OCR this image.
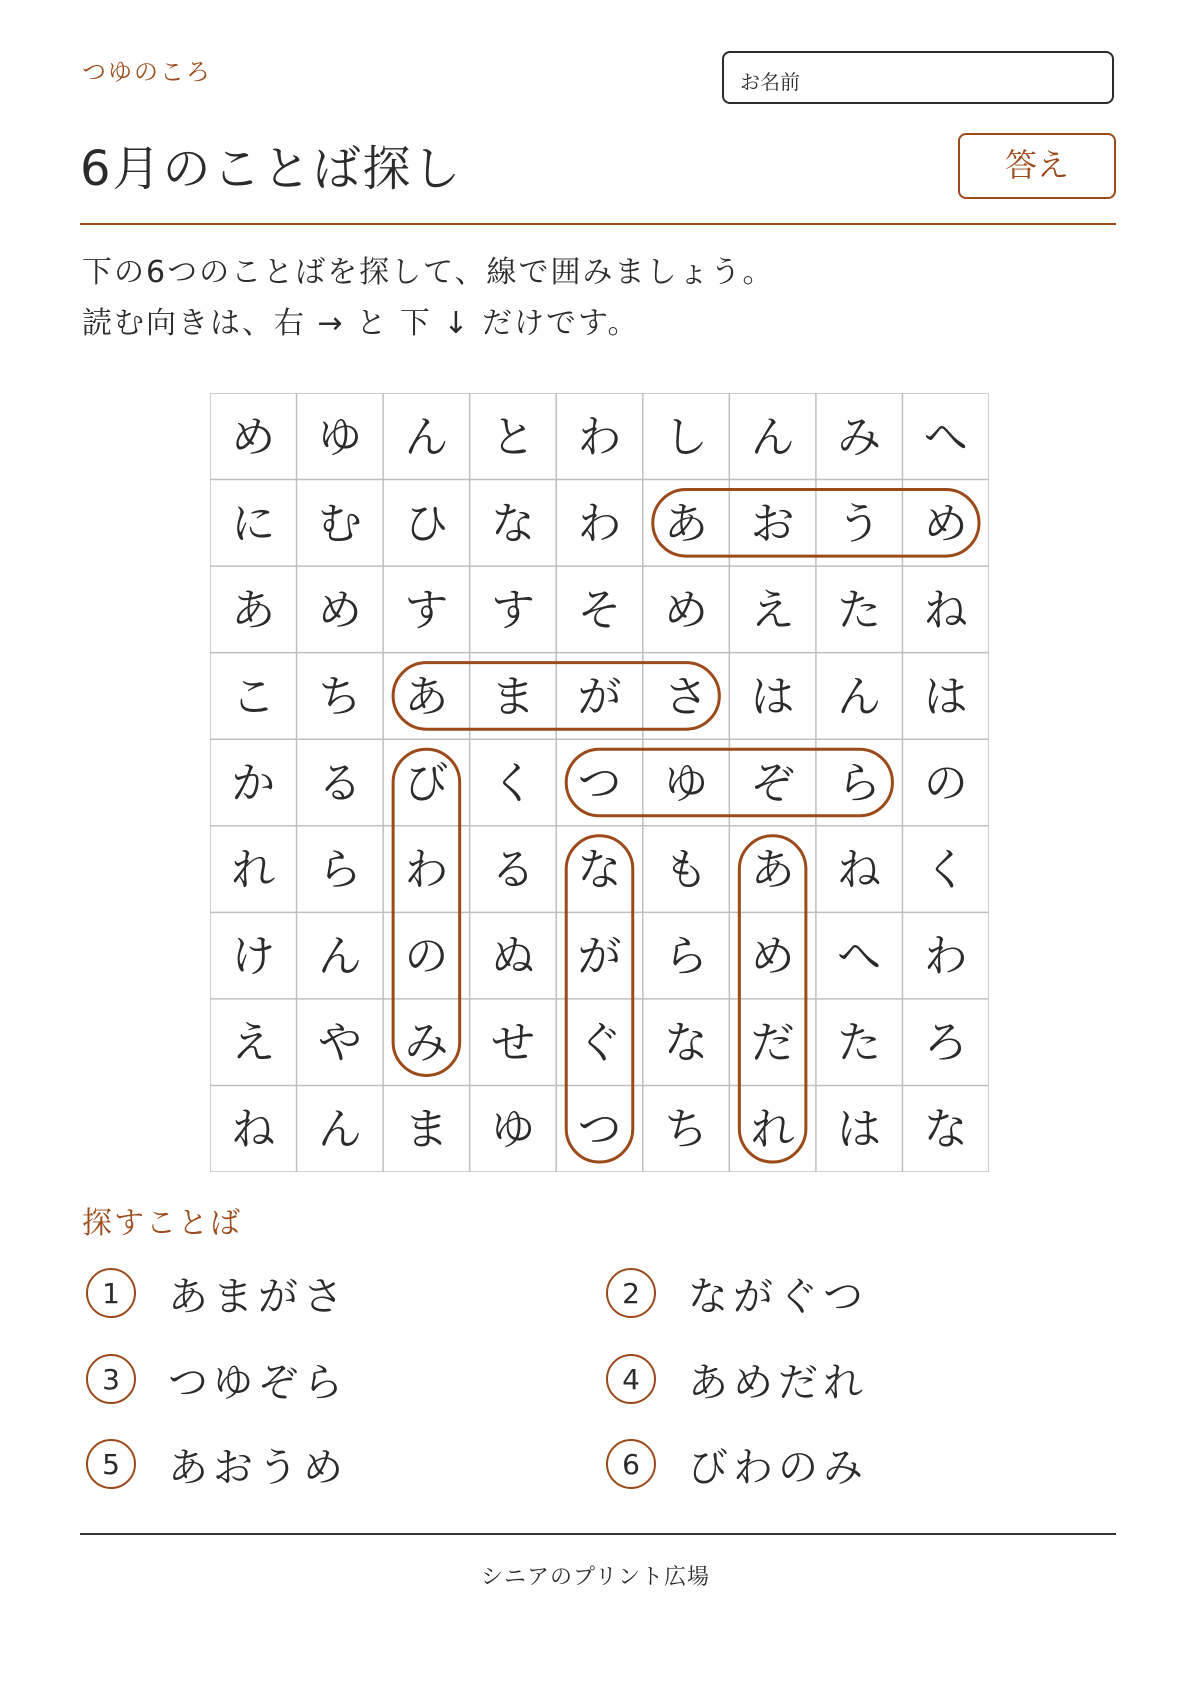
つゆのころ	お名前
6月のことば探し	答え
下の6つのことばを探して、線で囲みましょう。
読む向きは、右 → と 下 ↓ だけです。
め ゆ ん と わ し ん み へ
に む ひ な わ あ お う め
あ め す す そ め え た ね
こ ち あ ま が さ は ん は
か る び く つ ゆ ぞ ら の
れ ら わ る な も あ ね く
け ん の ぬ が ら め へ わ
え や み せ ぐ な だ た ろ
ね ん ま ゆ つ ち れ は な
探すことば
1	あまがさ	2	ながぐつ
3	つゆぞら	4	あめだれ
5	あおうめ	6	びわのみ
シニアのプリント広場
